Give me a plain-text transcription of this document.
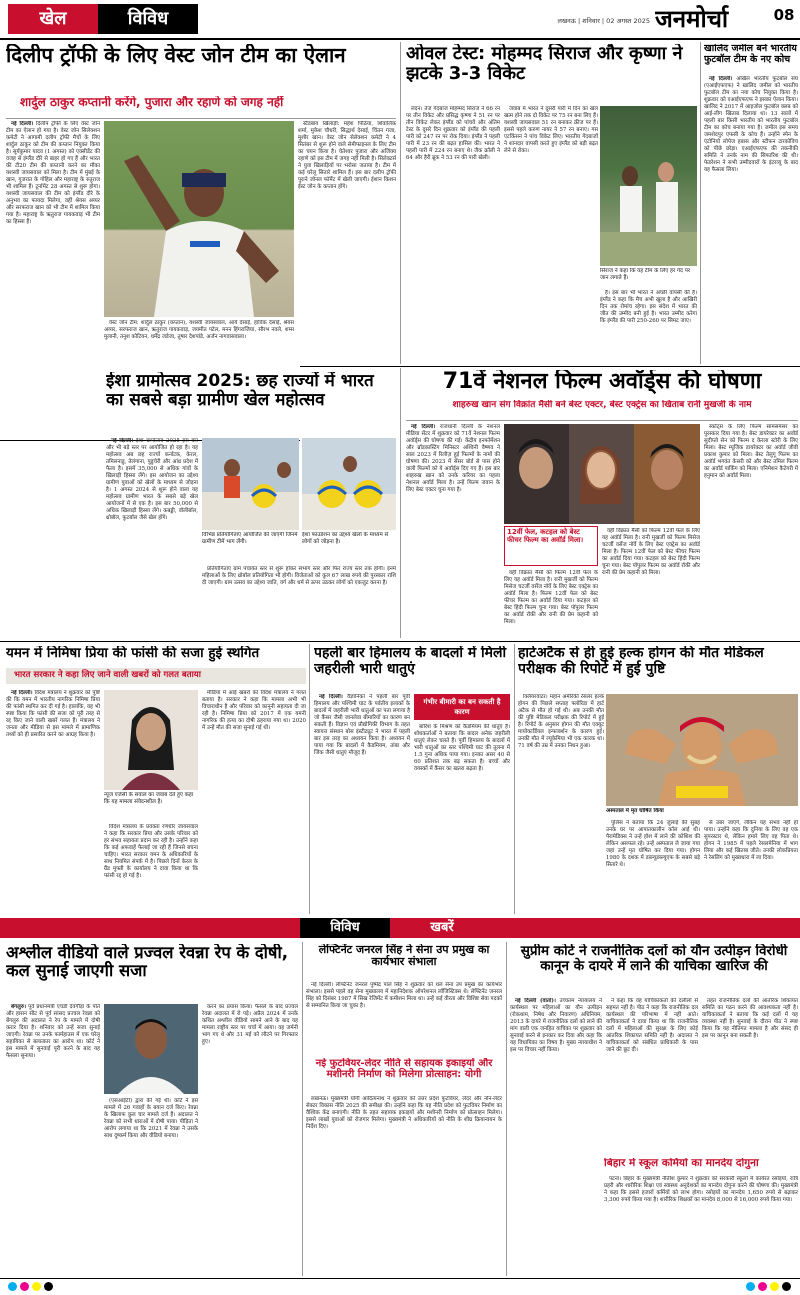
खेल	विविध	लखनऊ | शनिवार | 02 अगस्त 2025 जनमोर्चा	08
दिलीप ट्रॉफी के लिए वेस्ट जोन टीम का ऐलान
शार्दुल ठाकुर कप्तानी करेंगे, पुजारा और रहाणे को जगह नहीं

नई दिल्ली। दिलीप ट्रॉफी के लिए वेस्ट जोन टीम का ऐलान हो गया है। वेस्ट जोन सिलेक्शन कमेटी ने आगामी दलीप ट्रॉफी मैचों के लिए शार्दुल ठाकुर को टीम की कप्तान नियुक्त किया है। सूर्यकुमार यादव (1 अगस्त) को एक्सीडेंट की वजह से इंग्लैंड दौरे से बाहर हो गए हैं और भारत की टी20 टीम की कप्तानी करने का मौका यशस्वी जायसवाल को मिला है। टीम में मुंबई के खान, गुजरात के गोहिल और महाराष्ट्र के रुतुराज भी शामिल हैं। टूर्नामेंट 28 अगस्त से शुरू होगा। यशस्वी जायसवाल की टीम को इंग्लैंड दौरे के अनुभव का फायदा मिलेगा, वहीं श्रेयस अय्यर और सरफराज खान को भी टीम में शामिल किया गया है। महाराष्ट्र के ऋतुराज गायकवाड़ भी टीम का हिस्सा हैं।

वेस्ट जोन टीम: शार्दुल ठाकुर (कप्तान), यशस्वी जायसवाल, आर्य देसाई, हार्विक देसाई, श्रेयस अय्यर, सरफराज खान, ऋतुराज गायकवाड़, जयमीत पटेल, मनन हिंगराजिया, सौरभ नवले, शम्स मुलानी, तनुश कोटियन, धर्मेंद्र जडेजा, तुषार देशपांडे, अर्जन नागवासवाला।

स्टैंडबाय खिलाड़ी: महेश पिठिया, शिवालिक शर्मा, मुकेश चौधरी, सिद्धार्थ देसाई, चिंतन गजा, मुशीर खान। वेस्ट जोन सेलेक्शन कमेटी ने 4 सितंबर से शुरू होने वाले सेमीफाइनल के लिए टीम का चयन किया है। चेतेश्वर पुजारा और अजिंक्य रहाणे को इस टीम में जगह नहीं मिली है। सिलेक्टर्स ने युवा खिलाड़ियों पर भरोसा जताया है। टीम में कई घरेलू सितारे शामिल हैं। इस बार दलीप ट्रॉफी पुराने जोनल फॉर्मेट में खेली जाएगी। ईशान किशन ईस्ट जोन के कप्तान होंगे।

ओवल टेस्ट: मोहम्मद सिराज और कृष्णा ने झटके 3-3 विकेट

लंदन। तेज गेंदबाज मोहम्मद सिराज ने 66 रन पर तीन विकेट और प्रसिद्ध कृष्णा ने 51 रन पर तीन विकेट लेकर इंग्लैंड को पांचवें और अंतिम टेस्ट के दूसरे दिन शुक्रवार को इंग्लैंड की पहली पारी को 247 रन पर रोक दिया। इंग्लैंड ने पहली पारी में 23 रन की बढ़त हासिल की। भारत ने पहली पारी में 224 रन बनाए थे। जैक क्रॉली ने 64 और हैरी ब्रूक ने 53 रन की पारी खेली।

जवाब में भारत ने दूसरी पारी में दिन का खेल खत्म होने तक दो विकेट पर 75 रन बना लिए हैं। यशस्वी जायसवाल 51 रन बनाकर क्रीज पर हैं। इससे पहले करुण नायर ने 57 रन बनाए। गस एटकिंसन ने पांच विकेट लिए। भारतीय गेंदबाजों ने शानदार वापसी करते हुए इंग्लैंड को बड़ी बढ़त लेने से रोका।

सिराज ने कहा कि वह टीम के लिए हर गेंद पर जान लगाते हैं।

हैं। इस बार भी भारत ने अच्छी वापसी की है। इंग्लैंड ने कहा कि मैच अभी खुला है और आखिरी दिन तक रोमांच रहेगा। इस संदेश में भारत की जीत की उम्मीद बनी हुई है। भारत उम्मीद करेगा कि इंग्लैंड की पारी 250-260 पर सिमट जाए।

खालिद जमील बने भारतीय फुटबॉल टीम के नए कोच

नई दिल्ली। अखिल भारतीय फुटबॉल संघ (एआईएफएफ) ने खालिद जमील को भारतीय फुटबॉल टीम का नया कोच नियुक्त किया है। शुक्रवार को एआईएफएफ ने इसका ऐलान किया। खालिद ने 2017 में आइजोल फुटबॉल क्लब को आई-लीग खिताब दिलाया था। 13 सालों में पहली बार किसी भारतीय को भारतीय फुटबॉल टीम का कोच बनाया गया है। जमील इस समय जमशेदपुर एफसी के कोच हैं। उन्होंने स्पेन के एंटोनियो लोपेज हबास और स्टीफन टारकोविच को पीछे छोड़ा। एआईएफएफ की तकनीकी समिति ने उनके नाम की सिफारिश की थी। फेडरेशन ने सभी उम्मीदवारों के इंटरव्यू के बाद यह फैसला लिया।

ईशा ग्रामोत्सव 2025: छह राज्यों में भारत का सबसे बड़ा ग्रामीण खेल महोत्सव

नई दिल्ली। ईशा ग्रामोत्सव 2025 इस बार और भी बड़े स्तर पर आयोजित हो रहा है। यह महोत्सव अब छह राज्यों कर्नाटक, केरल, तमिलनाडु, तेलंगाना, पुडुचेरी और आंध्र प्रदेश में फैला है। इसमें 35,000 से अधिक गांवों के खिलाड़ी हिस्सा लेंगे। इस आयोजन का उद्देश्य ग्रामीण युवाओं को खेलों के माध्यम से जोड़ना है। 1 अगस्त 2024 से शुरू होने वाला यह महोत्सव ग्रामीण भारत के सबसे बड़े खेल आयोजनों में से एक है। इस बार 50,000 से अधिक खिलाड़ी हिस्सा लेंगे। कबड्डी, वॉलीबॉल, थ्रोबॉल, फुटबॉल जैसे खेल होंगे।

विभिन्न प्रतियोगिताएं आयोजित की जाएंगी जिनमें ग्रामीण टीमें भाग लेंगी।
ईशा फाउंडेशन का उद्देश्य खेलों के माध्यम से लोगों को जोड़ना है।

प्रतियोगिताएं ग्राम पंचायत स्तर से शुरू होकर संभाग स्तर और फिर राज्य स्तर तक होंगी। इनमें महिलाओं के लिए थ्रोबॉल प्रतियोगिता भी होगी। विजेताओं को कुल 67 लाख रुपये की पुरस्कार राशि दी जाएगी। ग्राम उत्सव का उद्देश्य जाति, वर्ग और धर्म से ऊपर उठकर लोगों को एकजुट करना है।

71वें नेशनल फिल्म अवॉर्ड्स की घोषणा
शाहरुख खान संग विक्रांत मैसी बने बेस्ट एक्टर, बेस्ट एक्ट्रेस का खिताब रानी मुखर्जी के नाम

नई दिल्ली। राजधानी दिल्ली के नेशनल मीडिया सेंटर में शुक्रवार को 71वें नेशनल फिल्म अवॉर्ड्स की घोषणा की गई। केंद्रीय इनफॉर्मेशन और ब्रॉडकास्टिंग मिनिस्टर अश्विनी वैष्णव ने साल 2023 में रिलीज़ हुई फिल्मों के नामों की घोषणा की। 2023 में सेंसर बोर्ड से पास होने वाली फिल्मों को ये अवॉर्ड्स दिए गए हैं। इस बार शाहरुख खान को उनके करियर का पहला नेशनल अवॉर्ड मिला है। उन्हें फिल्म जवान के लिए बेस्ट एक्टर चुना गया है।

12वीं फेल, कटहल को बेस्ट फीचर फिल्म का अवॉर्ड मिला।

वहीं विक्रांत मैसी को फिल्म 12वीं फेल के लिए यह अवॉर्ड मिला है। रानी मुखर्जी को फिल्म मिसेज चटर्जी वर्सेज नॉर्वे के लिए बेस्ट एक्ट्रेस का अवॉर्ड मिला है। फिल्म 12वीं फेल को बेस्ट फीचर फिल्म का अवॉर्ड दिया गया। कटहल को बेस्ट हिंदी फिल्म चुना गया। बेस्ट पॉपुलर फिल्म का अवॉर्ड रॉकी और रानी की प्रेम कहानी को मिला।

वहीं विक्रांत मैसी को फिल्म 12वीं फेल के लिए यह अवॉर्ड मिला है। रानी मुखर्जी को फिल्म मिसेज चटर्जी वर्सेज नॉर्वे के लिए बेस्ट एक्ट्रेस का अवॉर्ड मिला है। फिल्म 12वीं फेल को बेस्ट फीचर फिल्म का अवॉर्ड दिया गया। कटहल को बेस्ट हिंदी फिल्म चुना गया। बेस्ट पॉपुलर फिल्म का अवॉर्ड रॉकी और रानी की प्रेम कहानी को मिला।

स्कॉट्स के लिए फिल्म सामसमंसर का पुरस्कार दिया गया है। बेस्ट डायरेक्टर का अवॉर्ड सुदीप्तो सेन को फिल्म द केरला स्टोरी के लिए मिला। बेस्ट म्यूजिक डायरेक्टर का अवॉर्ड जीवी प्रकाश कुमार को मिला। बेस्ट तेलुगू फिल्म का अवॉर्ड भगवंत केसरी को और बेस्ट तमिल फिल्म का अवॉर्ड पार्किंग को मिला। एनिमेशन कैटेगरी में हनुमान को अवॉर्ड मिला।

यमन में निमिषा प्रिया की फांसी की सजा हुई स्थगित
भारत सरकार ने कहा लिए जाने वाली खबरों को गलत बताया

नई दिल्ली। विदेश मंत्रालय ने शुक्रवार को पुष्टि की कि यमन में भारतीय नागरिक निमिषा प्रिया की फांसी स्थगित कर दी गई है। हालांकि, यह भी स्पष्ट किया कि फांसी की सजा को पूरी तरह से रद्द किए जाने वाली खबरें गलत हैं। मंत्रालय ने जनता और मीडिया से इस मामले में प्रामाणिक तथ्यों को ही प्रसारित करने का आग्रह किया है।

न्यूज एजेंसी के सवाल का जवाब देते हुए कहा कि यह मामला संवेदनशील है।

विदेश मंत्रालय के प्रवक्ता रणधीर जायसवाल ने कहा कि सरकार प्रिया और उसके परिवार को हर संभव सहायता प्रदान कर रही है। उन्होंने कहा कि कई अफवाहें फैलाई जा रही हैं जिनसे बचना चाहिए। भारत सरकार यमन के अधिकारियों के साथ नियमित संपर्क में है। पिछले दिनों केरल के ग्रैंड मुफ्ती के कार्यालय ने दावा किया था कि फांसी रद्द हो गई है।

मीडिया में आई खबरों को विदेश मंत्रालय ने गलत बताया है। सरकार ने कहा कि मामला अभी भी विचाराधीन है और परिवार को कानूनी सहायता दी जा रही है। निमिषा प्रिया को 2017 में एक यमनी नागरिक की हत्या का दोषी ठहराया गया था। 2020 में उन्हें मौत की सजा सुनाई गई थी।

पहली बार हिमालय के बादलों में मिली जहरीली भारी धातुएं

नई दिल्ली। वैज्ञानिकों ने पहली बार पूर्वी हिमालय और पश्चिमी घाट के पर्वतीय इलाकों के बादलों में जहरीली भारी धातुओं का पता लगाया है जो कैंसर जैसी जानलेवा बीमारियों का कारण बन सकती हैं। विज्ञान एवं प्रौद्योगिकी विभाग के तहत स्वायत्त संस्थान बोस इंस्टीट्यूट ने भारत में पहली बार इस तरह का अध्ययन किया है। अध्ययन में पाया गया कि बादलों में कैडमियम, तांबा और जिंक जैसी धातुएं मौजूद हैं।

गंभीर बीमारी का बन सकती है कारण

बारिश के मिश्रण को कैडमियम की धातुएं हैं। शोधकर्ताओं ने बताया कि बादल अनेक जहरीली धातुएं लेकर चलते हैं। पूर्वी हिमालय के बादलों में भारी धातुओं का स्तर पश्चिमी घाट की तुलना में 1.5 गुना अधिक पाया गया। इनका असर 40 से 60 प्रतिशत तक बढ़ सकता है। बच्चों और वयस्कों में कैंसर का खतरा बढ़ता है।

हार्टअटैक से ही हुई हल्क होगन की मौत मेडिकल परीक्षक की रिपोर्ट में हुई पुष्टि

क्लियरवाटर। महान अमेरिकी रेसलर हल्क होगन की पिछले सप्ताह फ्लोरिडा में हार्ट अटैक से मौत हो गई थी। अब उनकी मौत की पुष्टि मेडिकल परीक्षक की रिपोर्ट में हुई है। रिपोर्ट के अनुसार होगन की मौत एक्यूट मायोकार्डियल इन्फार्क्शन के कारण हुई। उनकी मौत में ल्यूकेमिया भी एक कारक था। 71 वर्ष की उम्र में उनका निधन हुआ।

अस्पताल में मृत घोषित किया

पुलिस ने बताया कि 24 जुलाई की सुबह उनके घर पर आपातकालीन कॉल आई थी। पैरामेडिक्स ने उन्हें होश में लाने की कोशिश की लेकिन असफल रहे। उन्हें अस्पताल ले जाया गया जहां उन्हें मृत घोषित कर दिया गया। होगन 1980 के दशक में डब्ल्यूडब्ल्यूएफ के सबसे बड़े सितारे थे।

से उबर जाएंगे, लेकिन यह संभव नहीं हो पाया। उन्होंने कहा कि दुनिया के लिए वह एक सुपरस्टार थे, लेकिन हमारे लिए वह पिता थे। होगन ने 1985 में पहले रेसलमेनिया में भाग लिया और कई खिताब जीते। उनकी लोकप्रियता ने रेसलिंग को मुख्यधारा में ला दिया।

विविध	खबरें
अश्लील वीडियो वाले प्रज्वल रेवन्ना रेप के दोषी, कल सुनाई जाएगी सजा

बेंगलुरु। पूर्व प्रधानमंत्री एचडी देवगौड़ा के पोते और हासन सीट से पूर्व सांसद प्रज्वल रेवन्ना को बेंगलुरु की अदालत ने रेप के मामले में दोषी करार दिया है। शनिवार को उन्हें सजा सुनाई जाएगी। रेवन्ना पर उनके फार्महाउस में एक घरेलू सहायिका से बलात्कार का आरोप था। कोर्ट ने इस मामले में सुनवाई पूरी करने के बाद यह फैसला सुनाया।

(एसआईटी) द्वारा की गई थी। कोर्ट ने इस मामले में 26 गवाहों के बयान दर्ज किए। रेवन्ना के खिलाफ कुल चार मामले दर्ज हैं। अदालत ने रेवन्ना को सभी धाराओं में दोषी पाया। पीड़िता ने आरोप लगाया था कि 2021 में रेवन्ना ने उसके साथ दुष्कर्म किया और वीडियो बनाया।

करने का प्रयास किया। फैसले के बाद प्रज्वल रेवन्ना अदालत में रो पड़े। अप्रैल 2024 में उनके कथित अश्लील वीडियो सामने आने के बाद यह मामला राष्ट्रीय स्तर पर चर्चा में आया। वह जर्मनी भाग गए थे और 31 मई को लौटने पर गिरफ्तार हुए।

लेफ्टिनेंट जनरल सिंह ने सेना उप प्रमुख का कार्यभार संभाला

नई दिल्ली। लेफ्टिनेंट जनरल पुष्पेंद्र पाल सिंह ने शुक्रवार को थल सेना उप प्रमुख का कार्यभार संभाला। इससे पहले वह सेना मुख्यालय में महानिदेशक ऑपरेशनल लॉजिस्टिक्स थे। लेफ्टिनेंट जनरल सिंह को दिसंबर 1987 में सिख रेजिमेंट में कमीशन मिला था। उन्हें कई वीरता और विशिष्ट सेवा पदकों से सम्मानित किया जा चुका है।

नई फुटवियर-लेदर नीति से सहायक इकाइयों और मशीनरी निर्माण को मिलेगा प्रोत्साहन: योगी

लखनऊ। मुख्यमंत्री योगी आदित्यनाथ ने शुक्रवार को उत्तर प्रदेश फुटवियर, लेदर और नॉन-लेदर सेक्टर विकास नीति 2025 की समीक्षा की। उन्होंने कहा कि यह नीति प्रदेश को फुटवियर निर्माण का वैश्विक केंद्र बनाएगी। नीति के तहत सहायक इकाइयों और मशीनरी निर्माण को प्रोत्साहन मिलेगा। इससे लाखों युवाओं को रोजगार मिलेगा। मुख्यमंत्री ने अधिकारियों को नीति के शीघ्र क्रियान्वयन के निर्देश दिए।

सुप्रीम कोर्ट ने राजनीतिक दलों को यौन उत्पीड़न विरोधी कानून के दायरे में लाने की याचिका खारिज की

नई दिल्ली (वार्ता)। उच्चतम न्यायालय ने कार्यस्थल पर महिलाओं का यौन उत्पीड़न (रोकथाम, निषेध और निवारण) अधिनियम, 2013 के दायरे में राजनीतिक दलों को लाने की मांग वाली एक जनहित याचिका पर शुक्रवार को सुनवाई करने से इनकार कर दिया और कहा कि यह विधायिका का विषय है। मुख्य न्यायाधीश ने इस पर विचार नहीं किया।

ने कहा कि वह याचिकाकर्ता की दलीलों से सहमत नहीं है। पीठ ने कहा कि राजनीतिक दल कार्यस्थल की परिभाषा में नहीं आते। याचिकाकर्ता ने दावा किया था कि राजनीतिक दलों में महिलाओं की सुरक्षा के लिए कोई आंतरिक शिकायत समिति नहीं है। अदालत ने याचिकाकर्ता को संबंधित प्राधिकारी के पास जाने की छूट दी।

तहत राजनीतिक दलों की आंतरिक शिकायत समिति का गठन करने की आवश्यकता नहीं है। याचिकाकर्ता ने बताया कि कई दलों में यह व्यवस्था नहीं है। सुनवाई के दौरान पीठ ने स्पष्ट किया कि यह नीतिगत मामला है और संसद ही इस पर कानून बना सकती है।

बिहार में स्कूल कर्मियों का मानदेय दोगुना

पटना। बिहार के मुख्यमंत्री नीतीश कुमार ने शुक्रवार को सरकारी स्कूलों में कार्यरत रसोइयों, रात्रि प्रहरी और शारीरिक शिक्षा एवं स्वास्थ्य अनुदेशकों का मानदेय दोगुना करने की घोषणा की। मुख्यमंत्री ने कहा कि इससे हजारों कर्मियों को लाभ होगा। रसोइयों का मानदेय 1,650 रुपये से बढ़ाकर 3,300 रुपये किया गया है। शारीरिक शिक्षकों का मानदेय 8,000 से 16,000 रुपये किया गया।
